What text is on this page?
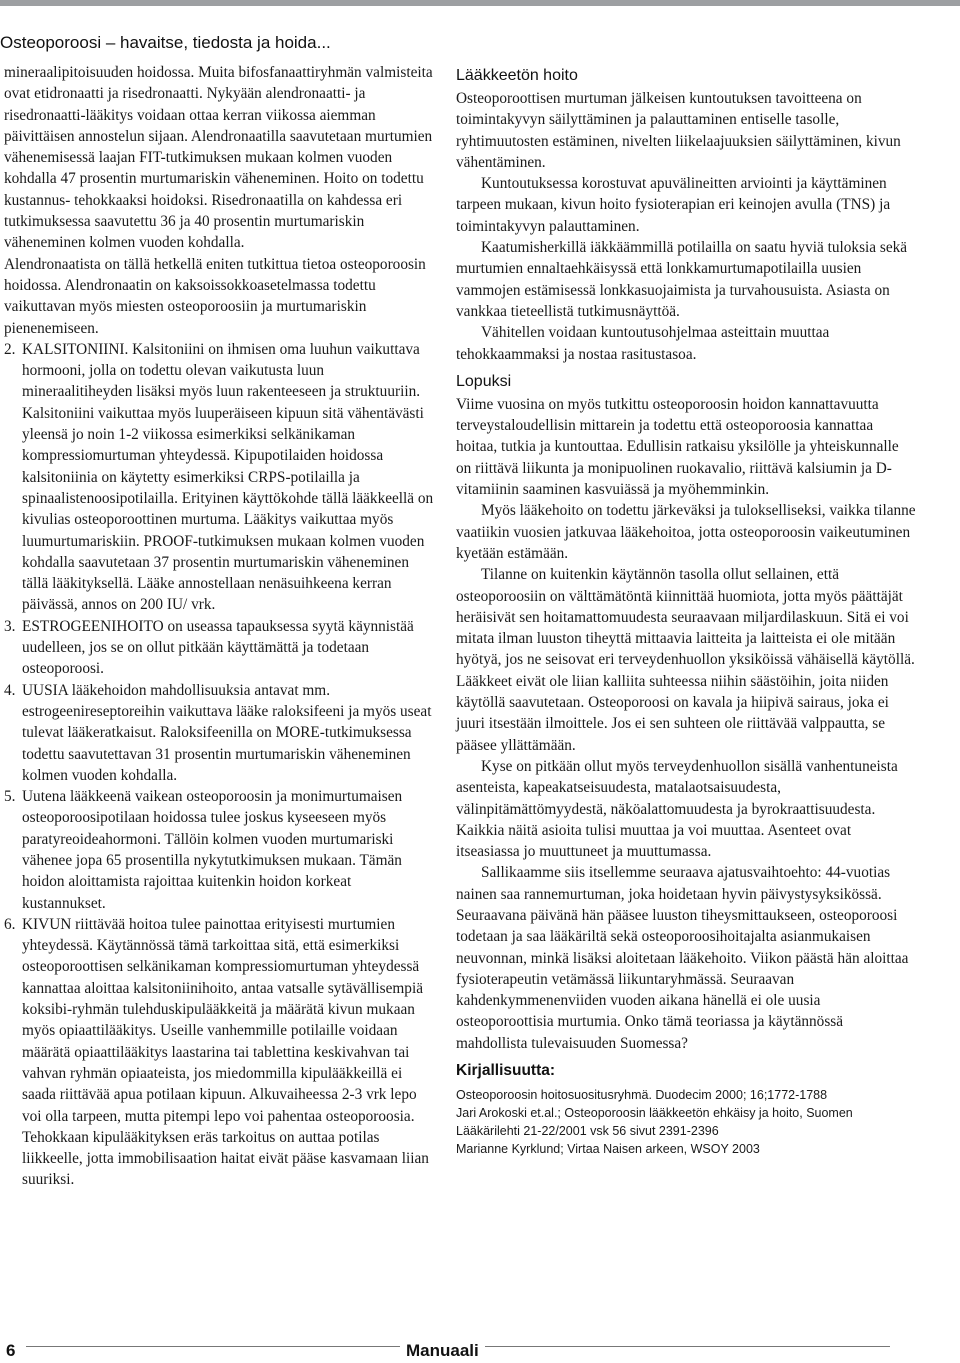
Osteoporoosi – havaitse, tiedosta ja hoida...

mineraalipitoisuuden hoidossa. Muita bifosfanaattiryhmän valmisteita ovat etidronaatti ja risedronaatti. Nykyään alendronaatti- ja risedronaatti-lääkitys voidaan ottaa kerran viikossa aiemman päivittäisen annostelun sijaan. Alendronaatilla saavutetaan murtumien vähenemisessä laajan FIT-tutkimuksen mukaan kolmen vuoden kohdalla 47 prosentin murtumariskin väheneminen. Hoito on todettu kustannus- tehokkaaksi hoidoksi. Risedronaatilla on kahdessa eri tutkimuksessa saavutettu 36 ja 40 prosentin murtumariskin väheneminen kolmen vuoden kohdalla.

Alendronaatista on tällä hetkellä eniten tutkittua tietoa osteoporoosin hoidossa. Alendronaatin on kaksoissokkoasetelmassa todettu vaikuttavan myös miesten osteoporoosiin ja murtumariskin pienenemiseen.

2. KALSITONIINI. Kalsitoniini on ihmisen oma luuhun vaikuttava hormooni, jolla on todettu olevan vaikutusta luun mineraalitiheyden lisäksi myös luun rakenteeseen ja struktuuriin. Kalsitoniini vaikuttaa myös luuperäiseen kipuun sitä vähentävästi yleensä jo noin 1-2 viikossa esimerkiksi selkänikaman kompressiomurtuman yhteydessä. Kipupotilaiden hoidossa kalsitoniinia on käytetty esimerkiksi CRPS-potilailla ja spinaalistenoosipotilailla. Erityinen käyttökohde tällä lääkkeellä on kivulias osteoporoottinen murtuma. Lääkitys vaikuttaa myös luumurtumariskiin. PROOF-tutkimuksen mukaan kolmen vuoden kohdalla saavutetaan 37 prosentin murtumariskin väheneminen tällä lääkityksellä. Lääke annostellaan nenäsuihkeena kerran päivässä, annos on 200 IU/ vrk.
3. ESTROGEENIHOITO on useassa tapauksessa syytä käynnistää uudelleen, jos se on ollut pitkään käyttämättä ja todetaan osteoporoosi.
4. UUSIA lääkehoidon mahdollisuuksia antavat mm.

estrogeenireseptoreihin vaikuttava lääke raloksifeeni ja myös useat tulevat lääkeratkaisut. Raloksifeenilla on MORE-tutkimuksessa todettu saavutettavan 31 prosentin murtumariskin väheneminen kolmen vuoden kohdalla.

5. Uutena lääkkeenä vaikean osteoporoosin ja monimurtumaisen osteoporoosipotilaan hoidossa tulee joskus kyseeseen myös paratyreoideahormoni. Tällöin kolmen vuoden murtumariski vähenee jopa 65 prosentilla nykytutkimuksen mukaan. Tämän hoidon aloittamista rajoittaa kuitenkin hoidon korkeat kustannukset.
6. KIVUN riittävää hoitoa tulee painottaa erityisesti murtumien yhteydessä. Käytännössä tämä tarkoittaa sitä, että esimerkiksi osteoporoottisen selkänikaman kompressiomurtuman yhteydessä kannattaa aloittaa kalsitoniinihoito, antaa vatsalle sytävällisempiä koksibi-ryhmän tulehduskipulääkkeitä ja määrätä kivun mukaan myös opiaattilääkitys. Useille vanhemmille potilaille voidaan määrätä opiaattilääkitys laastarina tai tablettina keskivahvan tai vahvan ryhmän opiaateista, jos miedommilla kipulääkkeillä ei saada riittävää apua potilaan kipuun. Alkuvaiheessa 2-3 vrk lepo voi olla tarpeen, mutta pitempi lepo voi pahentaa osteoporoosia. Tehokkaan kipulääkityksen eräs tarkoitus on auttaa potilas liikkeelle, jotta immobilisaation haitat eivät pääse kasvamaan liian suuriksi.
Lääkkeetön hoito

Osteoporoottisen murtuman jälkeisen kuntoutuksen tavoitteena on toimintakyvyn säilyttäminen ja palauttaminen entiselle tasolle, ryhtimuutosten estäminen, nivelten liikelaajuuksien säilyttäminen, kivun vähentäminen.

Kuntoutuksessa korostuvat apuvälineitten arviointi ja käyttäminen tarpeen mukaan, kivun hoito fysioterapian eri keinojen avulla (TNS) ja toimintakyvyn palauttaminen.

Kaatumisherkillä iäkkäämmillä potilailla on saatu hyviä tuloksia sekä murtumien ennaltaehkäisyssä että lonkkamurtumapotilailla uusien vammojen estämisessä lonkkasuojaimista ja turvahousuista. Asiasta on vankkaa tieteellistä tutkimusnäyttöä.

Vähitellen voidaan kuntoutusohjelmaa asteittain muuttaa tehokkaammaksi ja nostaa rasitustasoa.

Lopuksi

Viime vuosina on myös tutkittu osteoporoosin hoidon kannattavuutta terveystaloudellisin mittarein ja todettu että osteoporoosia kannattaa hoitaa, tutkia ja kuntouttaa. Edullisin ratkaisu yksilölle ja yhteiskunnalle on riittävä liikunta ja monipuolinen ruokavalio, riittävä kalsiumin ja D-vitamiinin saaminen kasvuiässä ja myöhemminkin.

Myös lääkehoito on todettu järkeväksi ja tulokselliseksi, vaikka tilanne vaatiikin vuosien jatkuvaa lääkehoitoa, jotta osteoporoosin vaikeutuminen kyetään estämään.

Tilanne on kuitenkin käytännön tasolla ollut sellainen, että osteoporoosiin on välttämätöntä kiinnittää huomiota, jotta myös päättäjät heräisivät sen hoitamattomuudesta seuraavaan miljardilaskuun. Sitä ei voi mitata ilman luuston tiheyttä mittaavia laitteita ja laitteista ei ole mitään hyötyä, jos ne seisovat eri terveydenhuollon yksiköissä vähäisellä käytöllä. Lääkkeet eivät ole liian kalliita suhteessa niihin säästöihin, joita niiden käytöllä saavutetaan. Osteoporoosi on kavala ja hiipivä sairaus, joka ei juuri itsestään ilmoittele. Jos ei sen suhteen ole riittävää valppautta, se pääsee yllättämään.

Kyse on pitkään ollut myös terveydenhuollon sisällä vanhentuneista asenteista, kapeakatseisuudesta, matalaotsaisuudesta, välinpitämättömyydestä, näköalattomuudesta ja byrokraattisuudesta. Kaikkia näitä asioita tulisi muuttaa ja voi muuttaa. Asenteet ovat itseasiassa jo muuttuneet ja muuttumassa.

Sallikaamme siis itsellemme seuraava ajatusvaihtoehto: 44-vuotias nainen saa rannemurtuman, joka hoidetaan hyvin päivystysyksikössä. Seuraavana päivänä hän pääsee luuston tiheysmittaukseen, osteoporoosi todetaan ja saa lääkäriltä sekä osteoporoosihoitajalta asianmukaisen neuvonnan, minkä lisäksi aloitetaan lääkehoito. Viikon päästä hän aloittaa fysioterapeutin vetämässä liikuntaryhmässä. Seuraavan kahdenkymmenenviiden vuoden aikana hänellä ei ole uusia osteoporoottisia murtumia. Onko tämä teoriassa ja käytännössä mahdollista tulevaisuuden Suomessa?

Kirjallisuutta:

Osteoporoosin hoitosuositusryhmä. Duodecim 2000; 16;1772-1788

Jari Arokoski et.al.; Osteoporoosin lääkkeetön ehkäisy ja hoito, Suomen Lääkärilehti 21-22/2001 vsk 56 sivut 2391-2396

Marianne Kyrklund; Virtaa Naisen arkeen, WSOY 2003

6	Manuaali
